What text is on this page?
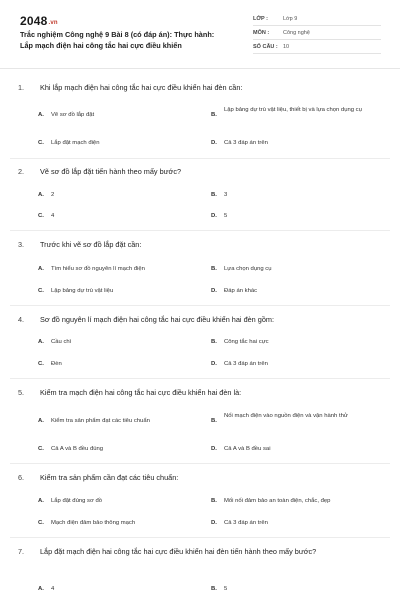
2048.vn
Trắc nghiệm Công nghệ 9 Bài 8 (có đáp án): Thực hành:
Lắp mạch điện hai công tắc hai cực điều khiển
LỚP :	Lớp 9
MÔN :	Công nghệ
SỐ CÂU : 10
1. Khi lắp mạch điện hai công tắc hai cực điều khiển hai đèn cần:
A. Vẽ sơ đồ lắp đặt	B.
Lập bảng dự trù vật liệu, thiết bị và lựa chọn dụng cụ
C. Lắp đặt mạch điện	D. Cả 3 đáp án trên
2. Vẽ sơ đồ lắp đặt tiến hành theo mấy bước?
A. 2	B. 3
C. 4	D. 5
3. Trước khi vẽ sơ đồ lắp đặt cần:
A. Tìm hiểu sơ đồ nguyên lí mạch điện	B. Lựa chọn dụng cụ
C. Lập bảng dự trù vật liệu	D. Đáp án khác
4. Sơ đồ nguyên lí mạch điện hai công tắc hai cực điều khiển hai đèn gồm:
A. Cầu chì	B. Công tắc hai cực
C. Đèn	D. Cả 3 đáp án trên
5. Kiểm tra mạch điện hai công tắc hai cực điều khiển hai đèn là:
A. Kiểm tra sản phẩm đạt các tiêu chuẩn	B.
Nối mạch điện vào nguồn điện và vận hành thử
C. Cả A và B đều đúng	D. Cả A và B đều sai
6. Kiểm tra sản phẩm cần đạt các tiêu chuẩn:
A. Lắp đặt đúng sơ đồ	B. Mối nối đảm bảo an toàn điện, chắc, đẹp
C. Mạch điện đảm bảo thông mạch	D. Cả 3 đáp án trên
7. Lắp đặt mạch điện hai công tắc hai cực điều khiển hai đèn tiến hành theo mấy bước?
A. 4	B. 5
